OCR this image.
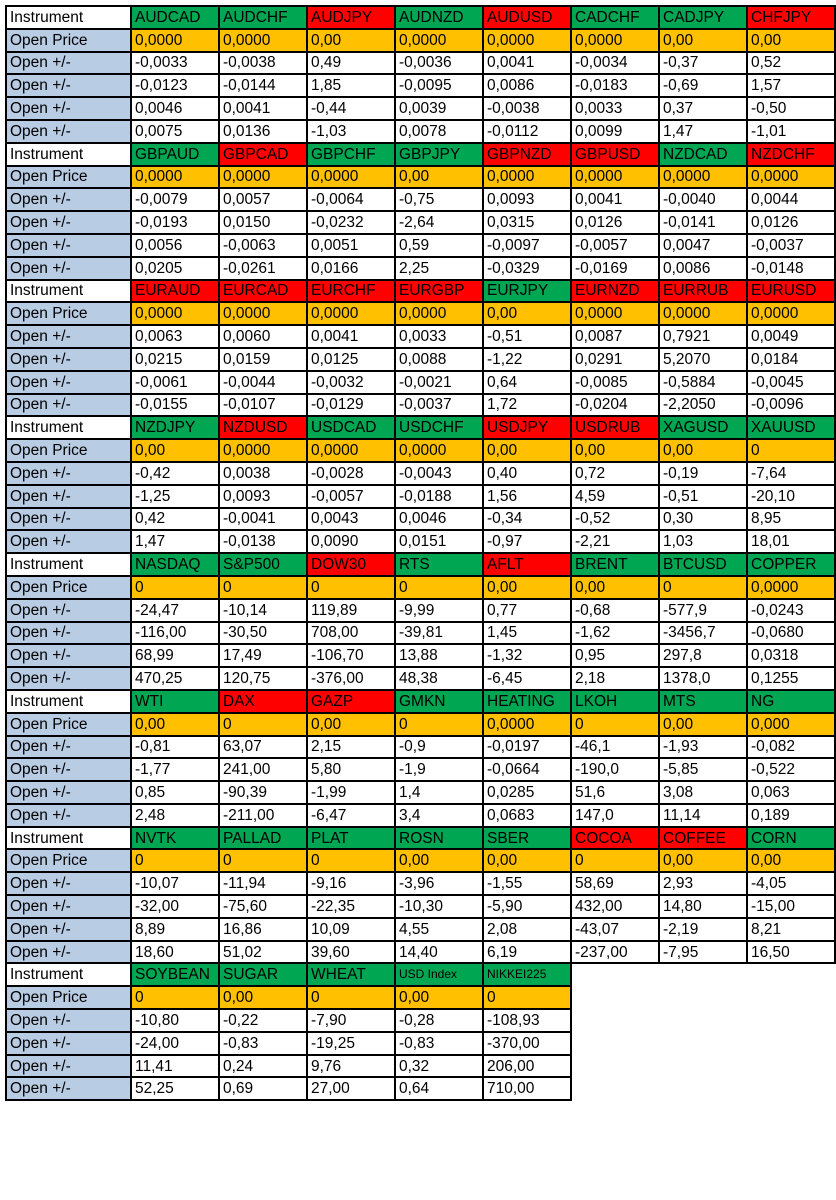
Instrument	AUDCAD	AUDCHF	AUDJPY	AUDNZD	AUDUSD	CADCHF	CADJPY	CHFJPY
Open Price	0,0000	0,0000	0,00	0,0000	0,0000	0,0000	0,00	0,00
Open +/-	-0,0033	-0,0038	0,49	-0,0036	0,0041	-0,0034	-0,37	0,52
Open +/-	-0,0123	-0,0144	1,85	-0,0095	0,0086	-0,0183	-0,69	1,57
Open +/-	0,0046	0,0041	-0,44	0,0039	-0,0038	0,0033	0,37	-0,50
Open +/-	0,0075	0,0136	-1,03	0,0078	-0,0112	0,0099	1,47	-1,01
Instrument	GBPAUD	GBPCAD	GBPCHF	GBPJPY	GBPNZD	GBPUSD	NZDCAD	NZDCHF
Open Price	0,0000	0,0000	0,0000	0,00	0,0000	0,0000	0,0000	0,0000
Open +/-	-0,0079	0,0057	-0,0064	-0,75	0,0093	0,0041	-0,0040	0,0044
Open +/-	-0,0193	0,0150	-0,0232	-2,64	0,0315	0,0126	-0,0141	0,0126
Open +/-	0,0056	-0,0063	0,0051	0,59	-0,0097	-0,0057	0,0047	-0,0037
Open +/-	0,0205	-0,0261	0,0166	2,25	-0,0329	-0,0169	0,0086	-0,0148
Instrument	EURAUD	EURCAD	EURCHF	EURGBP	EURJPY	EURNZD	EURRUB	EURUSD
Open Price	0,0000	0,0000	0,0000	0,0000	0,00	0,0000	0,0000	0,0000
Open +/-	0,0063	0,0060	0,0041	0,0033	-0,51	0,0087	0,7921	0,0049
Open +/-	0,0215	0,0159	0,0125	0,0088	-1,22	0,0291	5,2070	0,0184
Open +/-	-0,0061	-0,0044	-0,0032	-0,0021	0,64	-0,0085	-0,5884	-0,0045
Open +/-	-0,0155	-0,0107	-0,0129	-0,0037	1,72	-0,0204	-2,2050	-0,0096
Instrument	NZDJPY	NZDUSD	USDCAD	USDCHF	USDJPY	USDRUB	XAGUSD	XAUUSD
Open Price	0,00	0,0000	0,0000	0,0000	0,00	0,00	0,00	0
Open +/-	-0,42	0,0038	-0,0028	-0,0043	0,40	0,72	-0,19	-7,64
Open +/-	-1,25	0,0093	-0,0057	-0,0188	1,56	4,59	-0,51	-20,10
Open +/-	0,42	-0,0041	0,0043	0,0046	-0,34	-0,52	0,30	8,95
Open +/-	1,47	-0,0138	0,0090	0,0151	-0,97	-2,21	1,03	18,01
Instrument	NASDAQ	S&P500	DOW30	RTS	AFLT	BRENT	BTCUSD	COPPER
Open Price	0	0	0	0	0,00	0,00	0	0,0000
Open +/-	-24,47	-10,14	119,89	-9,99	0,77	-0,68	-577,9	-0,0243
Open +/-	-116,00	-30,50	708,00	-39,81	1,45	-1,62	-3456,7	-0,0680
Open +/-	68,99	17,49	-106,70	13,88	-1,32	0,95	297,8	0,0318
Open +/-	470,25	120,75	-376,00	48,38	-6,45	2,18	1378,0	0,1255
Instrument	WTI	DAX	GAZP	GMKN	HEATING	LKOH	MTS	NG
Open Price	0,00	0	0,00	0	0,0000	0	0,00	0,000
Open +/-	-0,81	63,07	2,15	-0,9	-0,0197	-46,1	-1,93	-0,082
Open +/-	-1,77	241,00	5,80	-1,9	-0,0664	-190,0	-5,85	-0,522
Open +/-	0,85	-90,39	-1,99	1,4	0,0285	51,6	3,08	0,063
Open +/-	2,48	-211,00	-6,47	3,4	0,0683	147,0	11,14	0,189
Instrument	NVTK	PALLAD	PLAT	ROSN	SBER	COCOA	COFFEE	CORN
Open Price	0	0	0	0,00	0,00	0	0,00	0,00
Open +/-	-10,07	-11,94	-9,16	-3,96	-1,55	58,69	2,93	-4,05
Open +/-	-32,00	-75,60	-22,35	-10,30	-5,90	432,00	14,80	-15,00
Open +/-	8,89	16,86	10,09	4,55	2,08	-43,07	-2,19	8,21
Open +/-	18,60	51,02	39,60	14,40	6,19	-237,00	-7,95	16,50
Instrument	SOYBEAN	SUGAR	WHEAT	USD Index	NIKKEI225			
Open Price	0	0,00	0	0,00	0			
Open +/-	-10,80	-0,22	-7,90	-0,28	-108,93			
Open +/-	-24,00	-0,83	-19,25	-0,83	-370,00			
Open +/-	11,41	0,24	9,76	0,32	206,00			
Open +/-	52,25	0,69	27,00	0,64	710,00			
